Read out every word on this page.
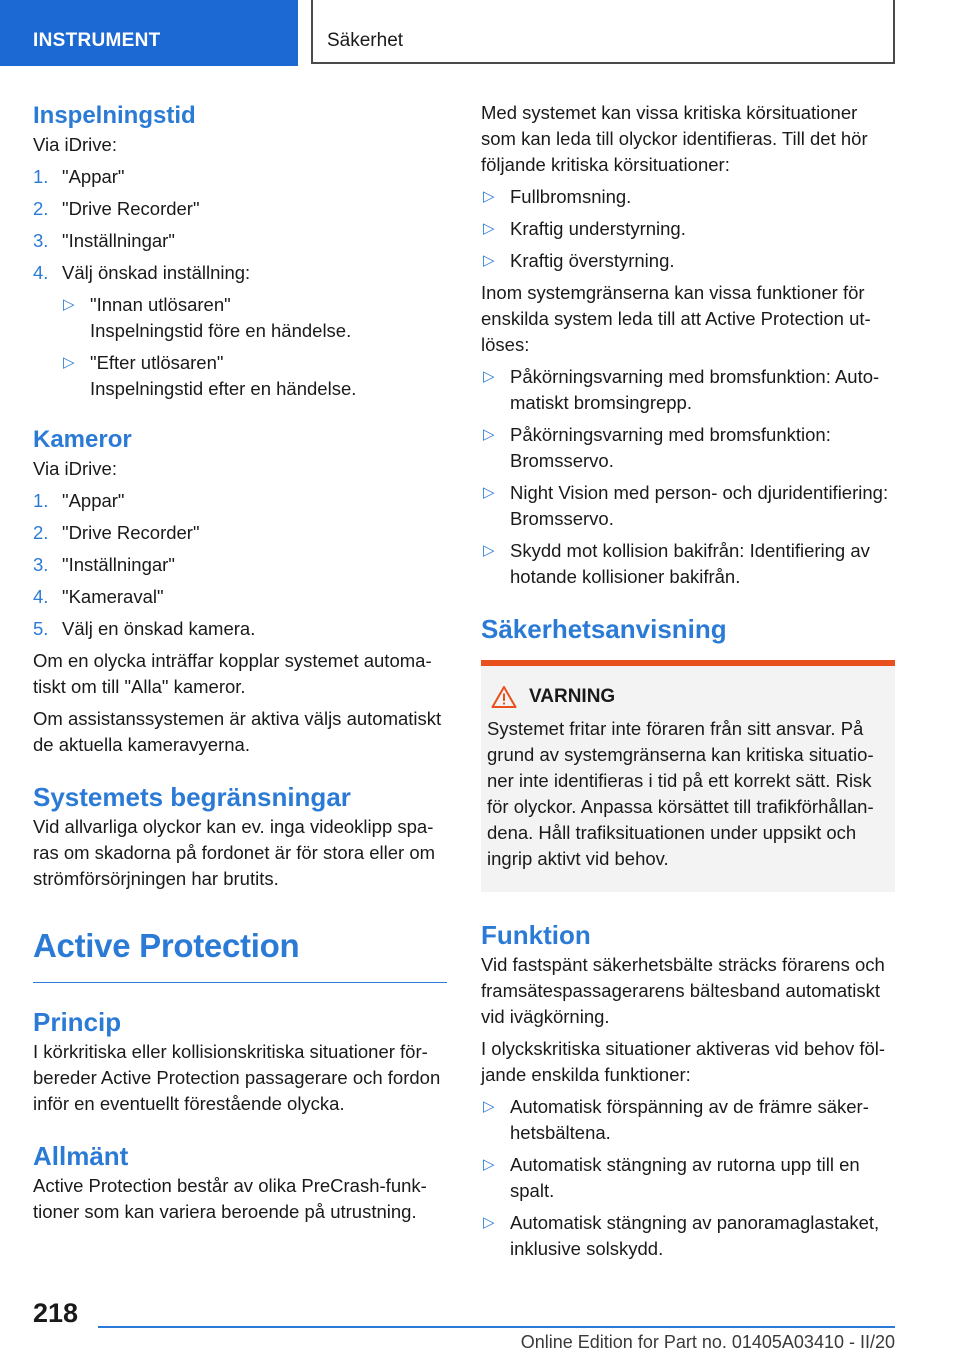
INSTRUMENT	Säkerhet
Inspelningstid

Via iDrive:

1. "Appar"
2. "Drive Recorder"
3. "Inställningar"
4. Välj önskad inställning:
▷ "Innan utlösaren"
Inspelningstid före en händelse.
▷ "Efter utlösaren"
Inspelningstid efter en händelse.
Kameror

Via iDrive:

1. "Appar"
2. "Drive Recorder"
3. "Inställningar"
4. "Kameraval"
5. Välj en önskad kamera.

Om en olycka inträffar kopplar systemet automatiskt om till "Alla" kameror.

Om assistanssystemen är aktiva väljs automatiskt de aktuella kameravyerna.

Systemets begränsningar

Vid allvarliga olyckor kan ev. inga videoklipp sparas om skadorna på fordonet är för stora eller om strömförsörjningen har brutits.

Active Protection
Princip

I körkritiska eller kollisionskritiska situationer förbereder Active Protection passagerare och fordon inför en eventuellt förestående olycka.

Allmänt

Active Protection består av olika PreCrash-funktioner som kan variera beroende på utrustning.

Med systemet kan vissa kritiska körsituationer som kan leda till olyckor identifieras. Till det hör följande kritiska körsituationer:

▷ Fullbromsning.
▷ Kraftig understyrning.
▷ Kraftig överstyrning.

Inom systemgränserna kan vissa funktioner för enskilda system leda till att Active Protection utlöses:

▷ Påkörningsvarning med bromsfunktion: Automatiskt bromsingrepp.
▷ Påkörningsvarning med bromsfunktion: Bromsservo.
▷ Night Vision med person- och djuridentifiering: Bromsservo.
▷ Skydd mot kollision bakifrån: Identifiering av hotande kollisioner bakifrån.
Säkerhetsanvisning
VARNING
Systemet fritar inte föraren från sitt ansvar. På grund av systemgränserna kan kritiska situationer inte identifieras i tid på ett korrekt sätt. Risk för olyckor. Anpassa körsättet till trafikförhållandena. Håll trafiksituationen under uppsikt och ingrip aktivt vid behov.
Funktion

Vid fastspänt säkerhetsbälte sträcks förarens och framsätespassagerarens bältesband automatiskt vid ivägkörning.

I olyckskritiska situationer aktiveras vid behov följande enskilda funktioner:

▷ Automatisk förspänning av de främre säkerhetsbältena.
▷ Automatisk stängning av rutorna upp till en spalt.
▷ Automatisk stängning av panoramaglastaket, inklusive solskydd.
218
Online Edition for Part no. 01405A03410 - II/20
